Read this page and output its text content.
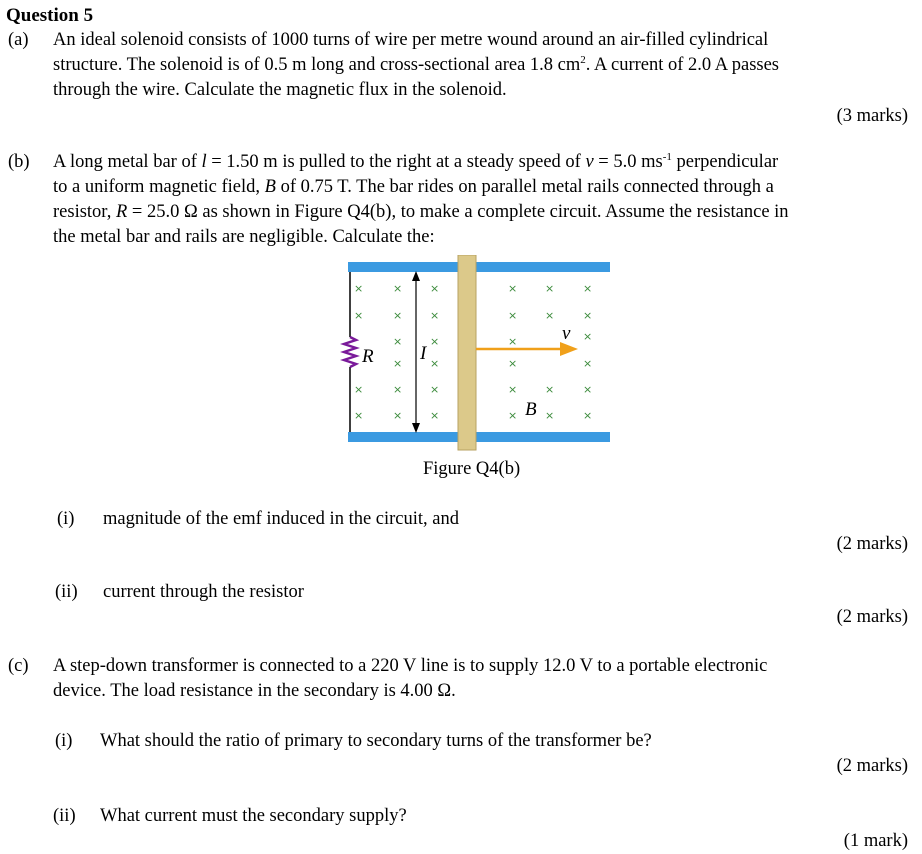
Question 5
(a) An ideal solenoid consists of 1000 turns of wire per metre wound around an air-filled cylindrical
structure. The solenoid is of 0.5 m long and cross-sectional area 1.8 $cm^2$. A current of 2.0 A passes
through the wire. Calculate the magnetic flux in the solenoid.
(3 marks)
(b) A long metal bar of l = 1.50 m is pulled to the right at a steady speed of v = 5.0 $ms^{-1}$ perpendicular
to a uniform magnetic field, B of 0.75 T. The bar rides on parallel metal rails connected through a
resistor, R = 25.0 Ω as shown in Figure Q4(b), to make a complete circuit. Assume the resistance in
the metal bar and rails are negligible. Calculate the:
R
×	×	×	×	×	×
×	×	×	×	×	×
×	×	×	×
×	×	×	×
×	×	×	×	×	×
×	×	×	×	×	×
I
v
B
Figure Q4(b)
(i) magnitude of the emf induced in the circuit, and
(2 marks)
(ii) current through the resistor
(2 marks)
(c) A step-down transformer is connected to a 220 V line is to supply 12.0 V to a portable electronic
device. The load resistance in the secondary is 4.00 Ω.
(i) What should the ratio of primary to secondary turns of the transformer be?
(2 marks)
(ii) What current must the secondary supply?
(1 mark)
